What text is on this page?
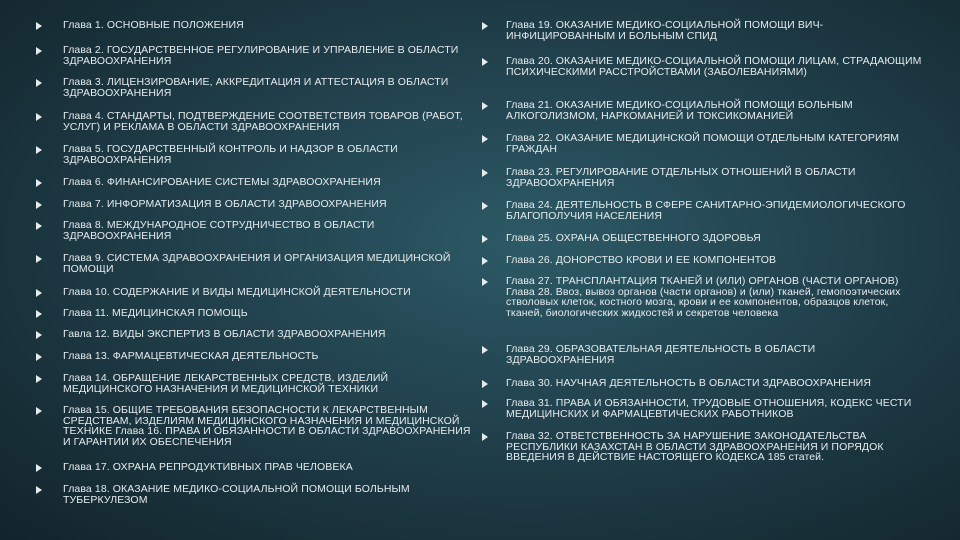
Глава 1. ОСНОВНЫЕ ПОЛОЖЕНИЯ
Глава 2. ГОСУДАРСТВЕННОЕ РЕГУЛИРОВАНИЕ И УПРАВЛЕНИЕ В ОБЛАСТИ ЗДРАВООХРАНЕНИЯ
Глава 3. ЛИЦЕНЗИРОВАНИЕ, АККРЕДИТАЦИЯ И АТТЕСТАЦИЯ В ОБЛАСТИ ЗДРАВООХРАНЕНИЯ
Глава 4. СТАНДАРТЫ, ПОДТВЕРЖДЕНИЕ СООТВЕТСТВИЯ ТОВАРОВ (РАБОТ, УСЛУГ) И РЕКЛАМА В ОБЛАСТИ ЗДРАВООХРАНЕНИЯ
Глава 5. ГОСУДАРСТВЕННЫЙ КОНТРОЛЬ И НАДЗОР В ОБЛАСТИ ЗДРАВООХРАНЕНИЯ
Глава 6. ФИНАНСИРОВАНИЕ СИСТЕМЫ ЗДРАВООХРАНЕНИЯ
Глава 7. ИНФОРМАТИЗАЦИЯ В ОБЛАСТИ ЗДРАВООХРАНЕНИЯ
Глава 8. МЕЖДУНАРОДНОЕ СОТРУДНИЧЕСТВО В ОБЛАСТИ ЗДРАВООХРАНЕНИЯ
Глава 9. СИСТЕМА ЗДРАВООХРАНЕНИЯ И ОРГАНИЗАЦИЯ МЕДИЦИНСКОЙ ПОМОЩИ
Глава 10. СОДЕРЖАНИЕ И ВИДЫ МЕДИЦИНСКОЙ ДЕЯТЕЛЬНОСТИ
Глава 11. МЕДИЦИНСКАЯ ПОМОЩЬ
Гавла 12. ВИДЫ ЭКСПЕРТИЗ В ОБЛАСТИ ЗДРАВООХРАНЕНИЯ
Глава 13. ФАРМАЦЕВТИЧЕСКАЯ ДЕЯТЕЛЬНОСТЬ
Глава 14. ОБРАЩЕНИЕ ЛЕКАРСТВЕННЫХ СРЕДСТВ, ИЗДЕЛИЙ МЕДИЦИНСКОГО НАЗНАЧЕНИЯ И МЕДИЦИНСКОЙ ТЕХНИКИ
Глава 15. ОБЩИЕ ТРЕБОВАНИЯ БЕЗОПАСНОСТИ К ЛЕКАРСТВЕННЫМ СРЕДСТВАМ, ИЗДЕЛИЯМ МЕДИЦИНСКОГО НАЗНАЧЕНИЯ И МЕДИЦИНСКОЙ ТЕХНИКЕ Глава 16. ПРАВА И ОБЯЗАННОСТИ В ОБЛАСТИ ЗДРАВООХРАНЕНИЯ И ГАРАНТИИ ИХ ОБЕСПЕЧЕНИЯ
Глава 17. ОХРАНА РЕПРОДУКТИВНЫХ ПРАВ ЧЕЛОВЕКА
Глава 18. ОКАЗАНИЕ МЕДИКО-СОЦИАЛЬНОЙ ПОМОЩИ БОЛЬНЫМ ТУБЕРКУЛЕЗОМ
Глава 19. ОКАЗАНИЕ МЕДИКО-СОЦИАЛЬНОЙ ПОМОЩИ ВИЧ-ИНФИЦИРОВАННЫМ И БОЛЬНЫМ СПИД
Глава 20. ОКАЗАНИЕ МЕДИКО-СОЦИАЛЬНОЙ ПОМОЩИ ЛИЦАМ, СТРАДАЮЩИМ ПСИХИЧЕСКИМИ РАССТРОЙСТВАМИ (ЗАБОЛЕВАНИЯМИ)
Глава 21. ОКАЗАНИЕ МЕДИКО-СОЦИАЛЬНОЙ ПОМОЩИ БОЛЬНЫМ АЛКОГОЛИЗМОМ, НАРКОМАНИЕЙ И ТОКСИКОМАНИЕЙ
Глава 22. ОКАЗАНИЕ МЕДИЦИНСКОЙ ПОМОЩИ ОТДЕЛЬНЫМ КАТЕГОРИЯМ ГРАЖДАН
Глава 23. РЕГУЛИРОВАНИЕ ОТДЕЛЬНЫХ ОТНОШЕНИЙ В ОБЛАСТИ ЗДРАВООХРАНЕНИЯ
Глава 24. ДЕЯТЕЛЬНОСТЬ В СФЕРЕ САНИТАРНО-ЭПИДЕМИОЛОГИЧЕСКОГО БЛАГОПОЛУЧИЯ НАСЕЛЕНИЯ
Глава 25. ОХРАНА ОБЩЕСТВЕННОГО ЗДОРОВЬЯ
Глава 26. ДОНОРСТВО КРОВИ И ЕЕ КОМПОНЕНТОВ
Глава 27. ТРАНСПЛАНТАЦИЯ ТКАНЕЙ И (ИЛИ) ОРГАНОВ (ЧАСТИ ОРГАНОВ) Глава 28. Ввоз, вывоз органов (части органов) и (или) тканей, гемопоэтических стволовых клеток, костного мозга, крови и ее компонентов, образцов клеток, тканей, биологических жидкостей и секретов человека
Глава 29. ОБРАЗОВАТЕЛЬНАЯ ДЕЯТЕЛЬНОСТЬ В ОБЛАСТИ ЗДРАВООХРАНЕНИЯ
Глава 30. НАУЧНАЯ ДЕЯТЕЛЬНОСТЬ В ОБЛАСТИ ЗДРАВООХРАНЕНИЯ
Глава 31. ПРАВА И ОБЯЗАННОСТИ, ТРУДОВЫЕ ОТНОШЕНИЯ, КОДЕКС ЧЕСТИ МЕДИЦИНСКИХ И ФАРМАЦЕВТИЧЕСКИХ РАБОТНИКОВ
Глава 32. ОТВЕТСТВЕННОСТЬ ЗА НАРУШЕНИЕ ЗАКОНОДАТЕЛЬСТВА РЕСПУБЛИКИ КАЗАХСТАН В ОБЛАСТИ ЗДРАВООХРАНЕНИЯ И ПОРЯДОК ВВЕДЕНИЯ В ДЕЙСТВИЕ НАСТОЯЩЕГО КОДЕКСА 185 статей.
